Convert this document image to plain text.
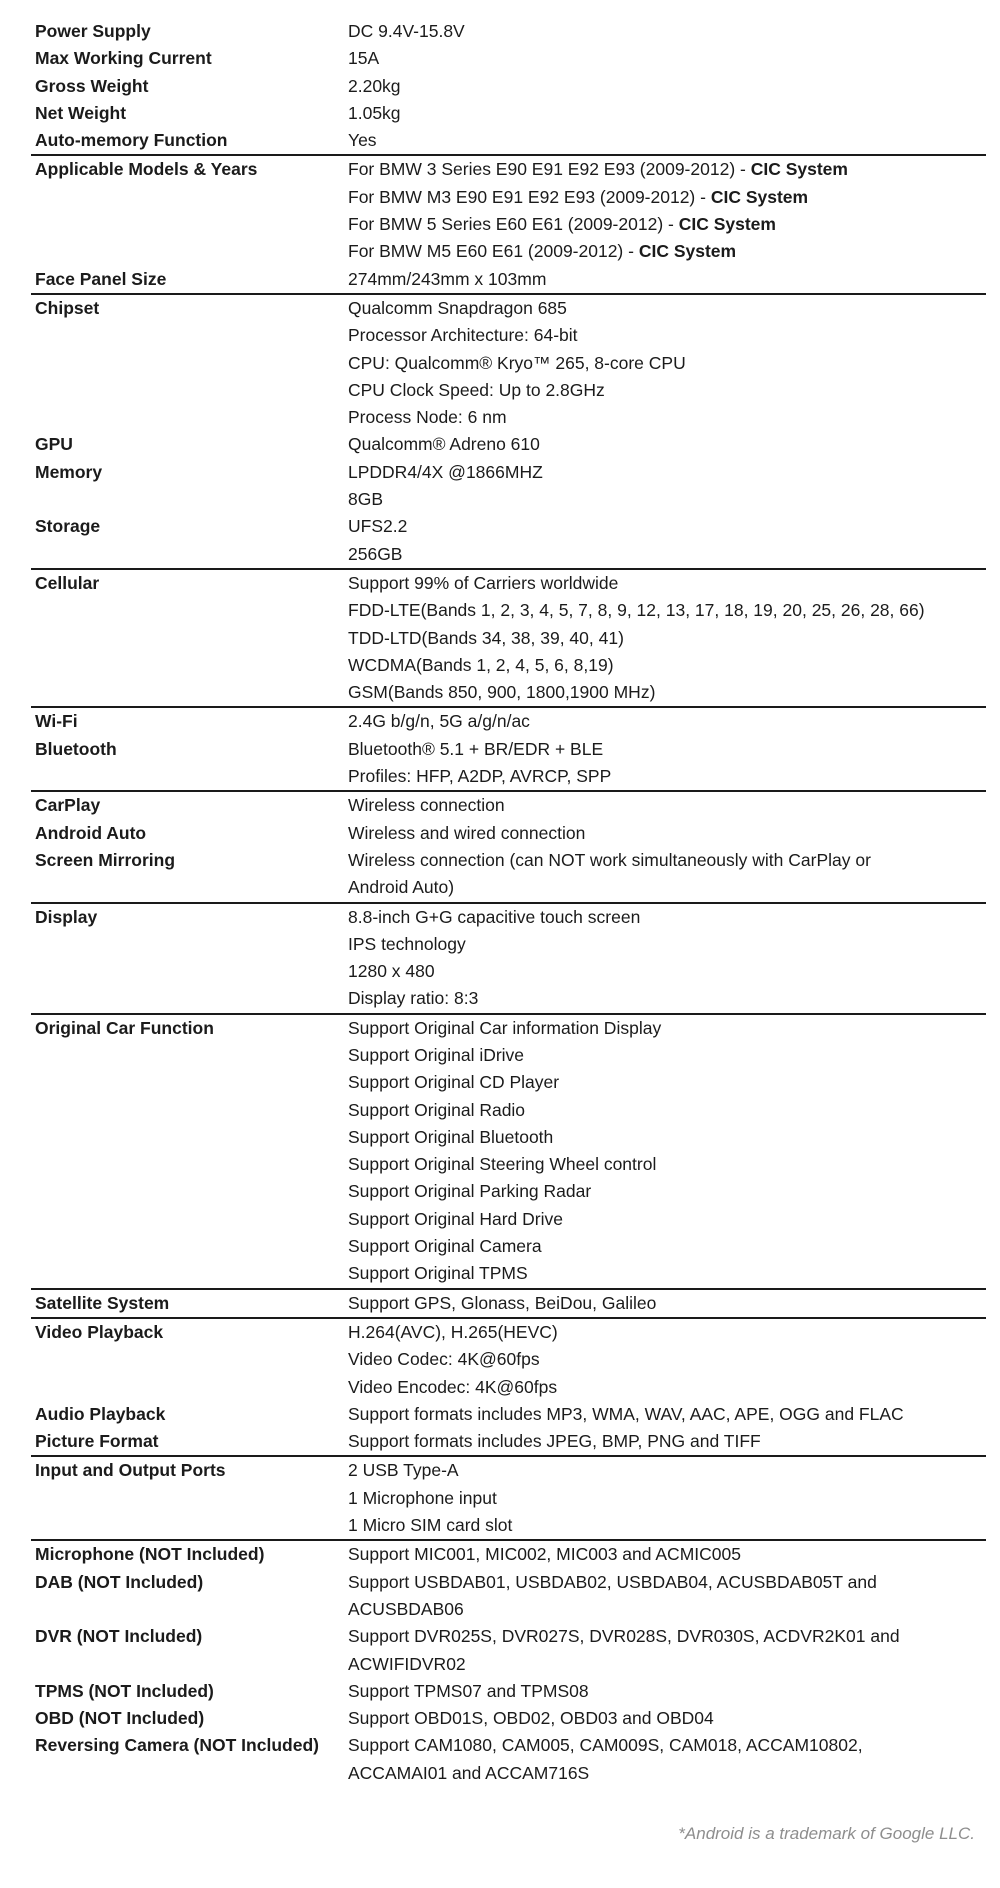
Power Supply	DC 9.4V-15.8V
Max Working Current	15A
Gross Weight	2.20kg
Net Weight	1.05kg
Auto-memory Function	Yes
Applicable Models & Years	For BMW 3 Series E90 E91 E92 E93 (2009-2012) - CIC System
For BMW M3 E90 E91 E92 E93 (2009-2012) - CIC System
For BMW 5 Series E60 E61 (2009-2012) - CIC System
For BMW M5 E60 E61 (2009-2012) - CIC System
Face Panel Size	274mm/243mm x 103mm
Chipset	Qualcomm Snapdragon 685
Processor Architecture: 64-bit
CPU: Qualcomm® Kryo™ 265, 8-core CPU
CPU Clock Speed: Up to 2.8GHz
Process Node: 6 nm
GPU	Qualcomm® Adreno 610
Memory	LPDDR4/4X @1866MHZ
8GB
Storage	UFS2.2
256GB
Cellular	Support 99% of Carriers worldwide
FDD-LTE(Bands 1, 2, 3, 4, 5, 7, 8, 9, 12, 13, 17, 18, 19, 20, 25, 26, 28, 66)
TDD-LTD(Bands 34, 38, 39, 40, 41)
WCDMA(Bands 1, 2, 4, 5, 6, 8,19)
GSM(Bands 850, 900, 1800,1900 MHz)
Wi-Fi	2.4G b/g/n, 5G a/g/n/ac
Bluetooth	Bluetooth® 5.1 + BR/EDR + BLE
Profiles: HFP, A2DP, AVRCP, SPP
CarPlay	Wireless connection
Android Auto	Wireless and wired connection
Screen Mirroring	Wireless connection (can NOT work simultaneously with CarPlay or
Android Auto)
Display	8.8-inch G+G capacitive touch screen
IPS technology
1280 x 480
Display ratio: 8:3
Original Car Function	Support Original Car information Display
Support Original iDrive
Support Original CD Player
Support Original Radio
Support Original Bluetooth
Support Original Steering Wheel control
Support Original Parking Radar
Support Original Hard Drive
Support Original Camera
Support Original TPMS
Satellite System	Support GPS, Glonass, BeiDou, Galileo
Video Playback	H.264(AVC), H.265(HEVC)
Video Codec: 4K@60fps
Video Encodec: 4K@60fps
Audio Playback	Support formats includes MP3, WMA, WAV, AAC, APE, OGG and FLAC
Picture Format	Support formats includes JPEG, BMP, PNG and TIFF
Input and Output Ports	2 USB Type-A
1 Microphone input
1 Micro SIM card slot
Microphone (NOT Included)	Support MIC001, MIC002, MIC003 and ACMIC005
DAB (NOT Included)	Support USBDAB01, USBDAB02, USBDAB04, ACUSBDAB05T and
ACUSBDAB06
DVR (NOT Included)	Support DVR025S, DVR027S, DVR028S, DVR030S, ACDVR2K01 and
ACWIFIDVR02
TPMS (NOT Included)	Support TPMS07 and TPMS08
OBD (NOT Included)	Support OBD01S, OBD02, OBD03 and OBD04
Reversing Camera (NOT Included)	Support CAM1080, CAM005, CAM009S, CAM018, ACCAM10802,
ACCAMAI01 and ACCAM716S
*Android is a trademark of Google LLC.
